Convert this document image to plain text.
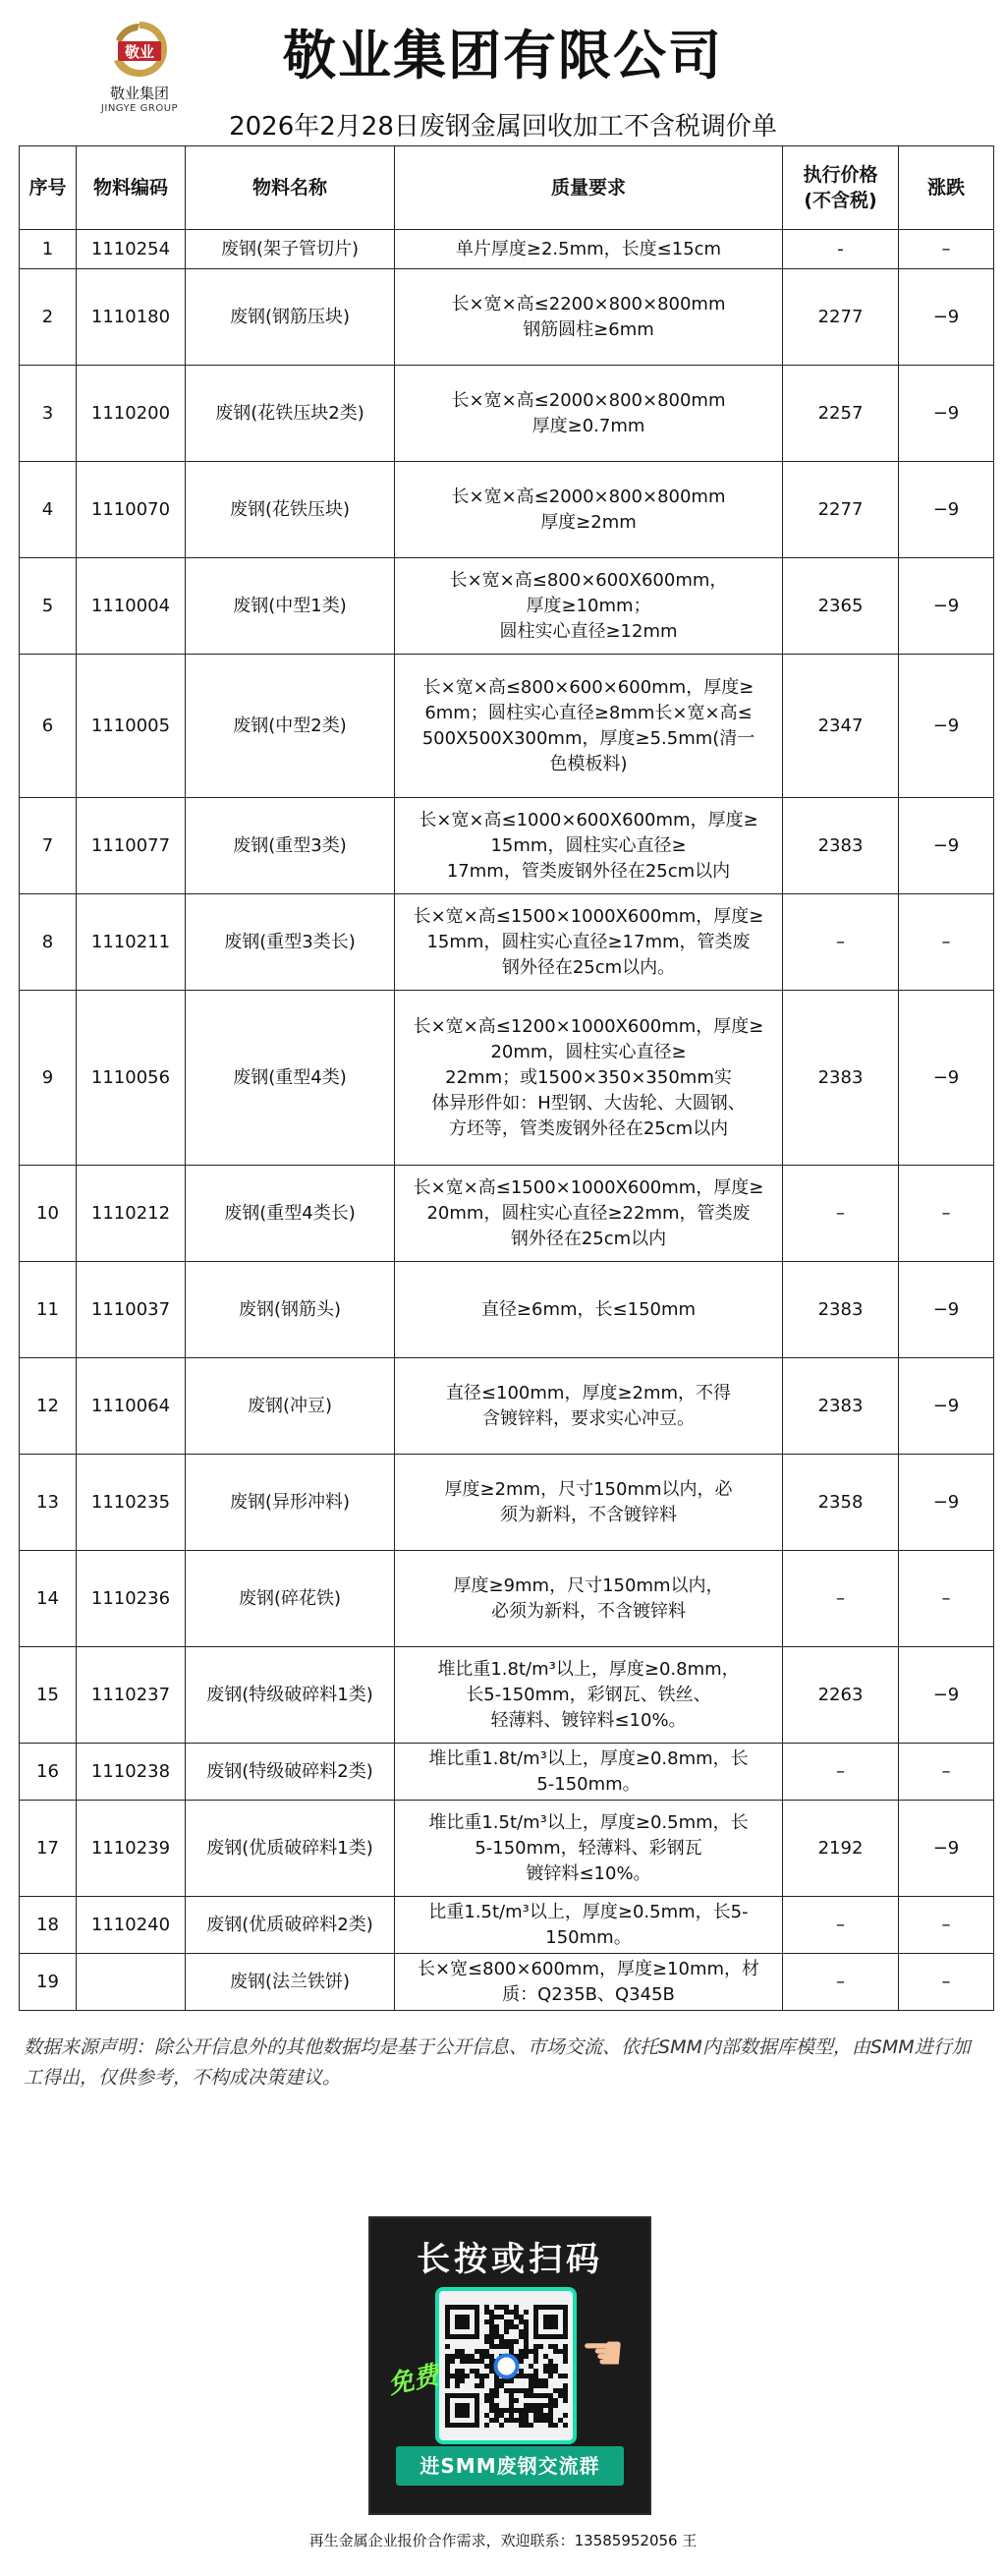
敬业
敬业集团
JINGYE GROUP
敬业集团有限公司
2026年2月28日废钢金属回收加工不含税调价单
序号	物料编码	物料名称	质量要求	执行价格
(不含税)	涨跌
1	1110254	废钢(架子管切片)	单片厚度≥2.5mm，长度≤15cm	-	–
2	1110180	废钢(钢筋压块)	长×宽×高≤2200×800×800mm
钢筋圆柱≥6mm	2277	−9
3	1110200	废钢(花铁压块2类)	长×宽×高≤2000×800×800mm
厚度≥0.7mm	2257	−9
4	1110070	废钢(花铁压块)	长×宽×高≤2000×800×800mm
厚度≥2mm	2277	−9
5	1110004	废钢(中型1类)	长×宽×高≤800×600X600mm，
厚度≥10mm；
圆柱实心直径≥12mm	2365	−9
6	1110005	废钢(中型2类)	长×宽×高≤800×600×600mm，厚度≥
6mm；圆柱实心直径≥8mm长×宽×高≤
500X500X300mm，厚度≥5.5mm(清一
色模板料)	2347	−9
7	1110077	废钢(重型3类)	长×宽×高≤1000×600X600mm，厚度≥
15mm，圆柱实心直径≥
17mm，管类废钢外径在25cm以内	2383	−9
8	1110211	废钢(重型3类长)	长×宽×高≤1500×1000X600mm，厚度≥
15mm，圆柱实心直径≥17mm，管类废
钢外径在25cm以内。	–	–
9	1110056	废钢(重型4类)	长×宽×高≤1200×1000X600mm，厚度≥
20mm，圆柱实心直径≥
22mm；或1500×350×350mm实
体异形件如：H型钢、大齿轮、大圆钢、
方坯等，管类废钢外径在25cm以内	2383	−9
10	1110212	废钢(重型4类长)	长×宽×高≤1500×1000X600mm，厚度≥
20mm，圆柱实心直径≥22mm，管类废
钢外径在25cm以内	–	–
11	1110037	废钢(钢筋头)	直径≥6mm，长≤150mm	2383	−9
12	1110064	废钢(冲豆)	直径≤100mm，厚度≥2mm，不得
含镀锌料，要求实心冲豆。	2383	−9
13	1110235	废钢(异形冲料)	厚度≥2mm，尺寸150mm以内，必
须为新料，不含镀锌料	2358	−9
14	1110236	废钢(碎花铁)	厚度≥9mm，尺寸150mm以内，
必须为新料，不含镀锌料	–	–
15	1110237	废钢(特级破碎料1类)	堆比重1.8t/m³以上，厚度≥0.8mm，
长5-150mm，彩钢瓦、铁丝、
轻薄料、镀锌料≤10%。	2263	−9
16	1110238	废钢(特级破碎料2类)	堆比重1.8t/m³以上，厚度≥0.8mm，长
5-150mm。	–	–
17	1110239	废钢(优质破碎料1类)	堆比重1.5t/m³以上，厚度≥0.5mm，长
5-150mm，轻薄料、彩钢瓦
镀锌料≤10%。	2192	−9
18	1110240	废钢(优质破碎料2类)	比重1.5t/m³以上，厚度≥0.5mm，长5-
150mm。	–	–
19		废钢(法兰铁饼)	长×宽≤800×600mm，厚度≥10mm，材
质：Q235B、Q345B	–	–
数据来源声明：除公开信息外的其他数据均是基于公开信息、市场交流、依托SMM内部数据库模型，由SMM进行加工得出，仅供参考，不构成决策建议。
长按或扫码
☚
免费
进SMM废钢交流群
再生金属企业报价合作需求，欢迎联系：13585952056 王
